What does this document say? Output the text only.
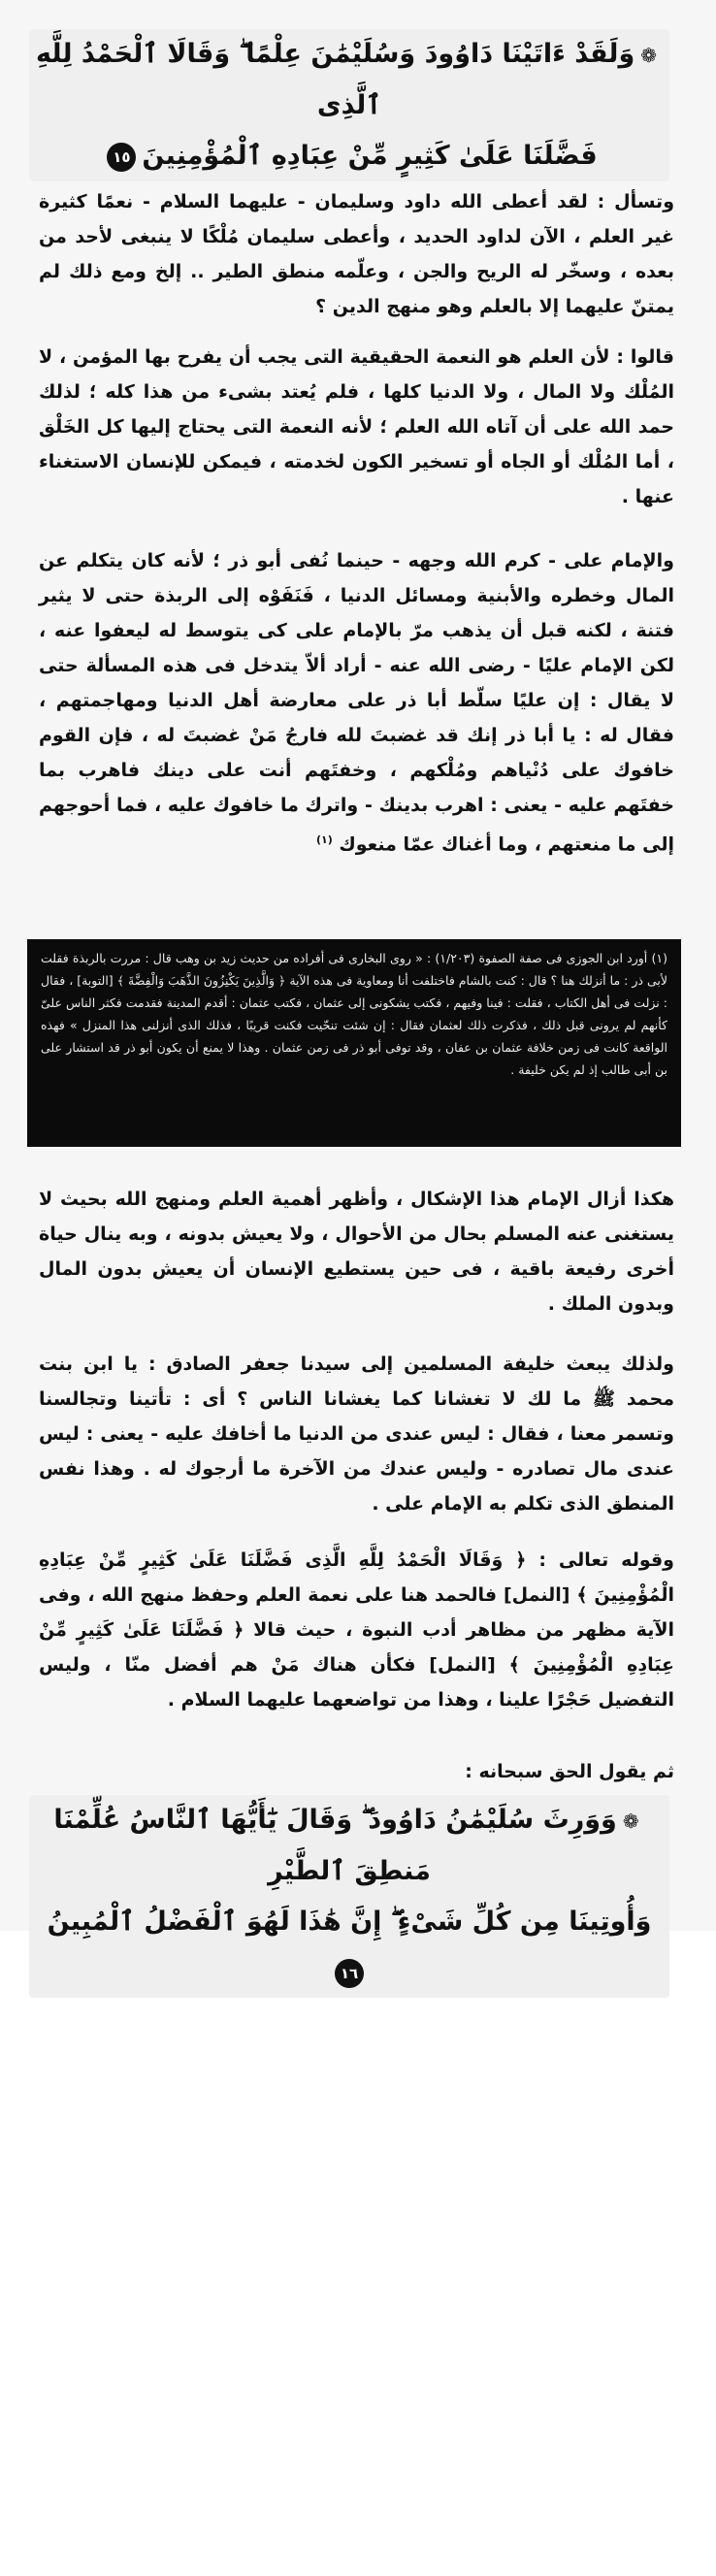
❁وَلَقَدْ ءَاتَيْنَا دَاوُودَ وَسُلَيْمَٰنَ عِلْمًا ۖ وَقَالَا ٱلْحَمْدُ لِلَّهِ ٱلَّذِى
فَضَّلَنَا عَلَىٰ كَثِيرٍ مِّنْ عِبَادِهِ ٱلْمُؤْمِنِينَ١٥

وتسأل : لقد أعطى الله داود وسليمان - عليهما السلام - نعمًا كثيرة غير العلم ، الآن لداود الحديد ، وأعطى سليمان مُلْكًا لا ينبغى لأحد من بعده ، وسخّر له الريح والجن ، وعلّمه منطق الطير .. إلخ ومع ذلك لم يمتنّ عليهما إلا بالعلم وهو منهج الدين ؟

قالوا : لأن العلم هو النعمة الحقيقية التى يجب أن يفرح بها المؤمن ، لا المُلْك ولا المال ، ولا الدنيا كلها ، فلم يُعتد بشىء من هذا كله ؛ لذلك حمد الله على أن آتاه الله العلم ؛ لأنه النعمة التى يحتاج إليها كل الخَلْق ، أما المُلْك أو الجاه أو تسخير الكون لخدمته ، فيمكن للإنسان الاستغناء عنها .

والإمام على - كرم الله وجهه - حينما نُفى أبو ذر ؛ لأنه كان يتكلم عن المال وخطره والأبنية ومسائل الدنيا ، فَنَفَوْه إلى الربذة حتى لا يثير فتنة ، لكنه قبل أن يذهب مرّ بالإمام على كى يتوسط له ليعفوا عنه ، لكن الإمام عليًا - رضى الله عنه - أراد ألاّ يتدخل فى هذه المسألة حتى لا يقال : إن عليًا سلّط أبا ذر على معارضة أهل الدنيا ومهاجمتهم ، فقال له : يا أبا ذر إنك قد غضبتَ لله فارجُ مَنْ غضبتَ له ، فإن القوم خافوك على دُنْياهم ومُلْكهم ، وخفتَهم أنت على دينك فاهرب بما خفتَهم عليه - يعنى : اهرب بدينك - واترك ما خافوك عليه ، فما أحوجهم إلى ما منعتهم ، وما أغناك عمّا منعوك $^{(١)}$

(١) أورد ابن الجوزى فى صفة الصفوة (١/٢٠٣) : « روى البخارى فى أفراده من حديث زيد بن وهب قال : مررت بالربذة فقلت لأبى ذر : ما أنزلك هنا ؟ قال : كنت بالشام فاختلفت أنا ومعاوية فى هذه الآية ﴿ وَالَّذِينَ يَكْنِزُونَ الذَّهَبَ وَالْفِضَّةَ ﴾ [التوبة] ، فقال : نزلت فى أهل الكتاب ، فقلت : فينا وفيهم ، فكتب يشكونى إلى عثمان ، فكتب عثمان : أقدم المدينة فقدمت فكثر الناس علىّ كأنهم لم يرونى قبل ذلك ، فذكرت ذلك لعثمان فقال : إن شئت تنحّيت فكنت قريبًا ، فذلك الذى أنزلنى هذا المنزل » فهذه الواقعة كانت فى زمن خلافة عثمان بن عفان ، وقد توفى أبو ذر فى زمن عثمان . وهذا لا يمنع أن يكون أبو ذر قد استشار على بن أبى طالب إذ لم يكن خليفة .

هكذا أزال الإمام هذا الإشكال ، وأظهر أهمية العلم ومنهج الله بحيث لا يستغنى عنه المسلم بحال من الأحوال ، ولا يعيش بدونه ، وبه ينال حياة أخرى رفيعة باقية ، فى حين يستطيع الإنسان أن يعيش بدون المال وبدون الملك .

ولذلك يبعث خليفة المسلمين إلى سيدنا جعفر الصادق : يا ابن بنت محمد ﷺ ما لك لا تغشانا كما يغشانا الناس ؟ أى : تأتينا وتجالسنا وتسمر معنا ، فقال : ليس عندى من الدنيا ما أخافك عليه - يعنى : ليس عندى مال تصادره - وليس عندك من الآخرة ما أرجوك له . وهذا نفس المنطق الذى تكلم به الإمام على .

وقوله تعالى : ﴿ وَقَالَا الْحَمْدُ لِلَّهِ الَّذِى فَضَّلَنَا عَلَىٰ كَثِيرٍ مِّنْ عِبَادِهِ الْمُؤْمِنِينَ ﴾ [النمل] فالحمد هنا على نعمة العلم وحفظ منهج الله ، وفى الآية مظهر من مظاهر أدب النبوة ، حيث قالا ﴿ فَضَّلَنَا عَلَىٰ كَثِيرٍ مِّنْ عِبَادِهِ الْمُؤْمِنِينَ ﴾ [النمل] فكأن هناك مَنْ هم أفضل منّا ، وليس التفضيل حَجْرًا علينا ، وهذا من تواضعهما عليهما السلام .

ثم يقول الحق سبحانه :

❁وَوَرِثَ سُلَيْمَٰنُ دَاوُودَ ۖ وَقَالَ يَٰٓأَيُّهَا ٱلنَّاسُ عُلِّمْنَا مَنطِقَ ٱلطَّيْرِ
وَأُوتِينَا مِن كُلِّ شَىْءٍ ۖ إِنَّ هَٰذَا لَهُوَ ٱلْفَضْلُ ٱلْمُبِينُ١٦
